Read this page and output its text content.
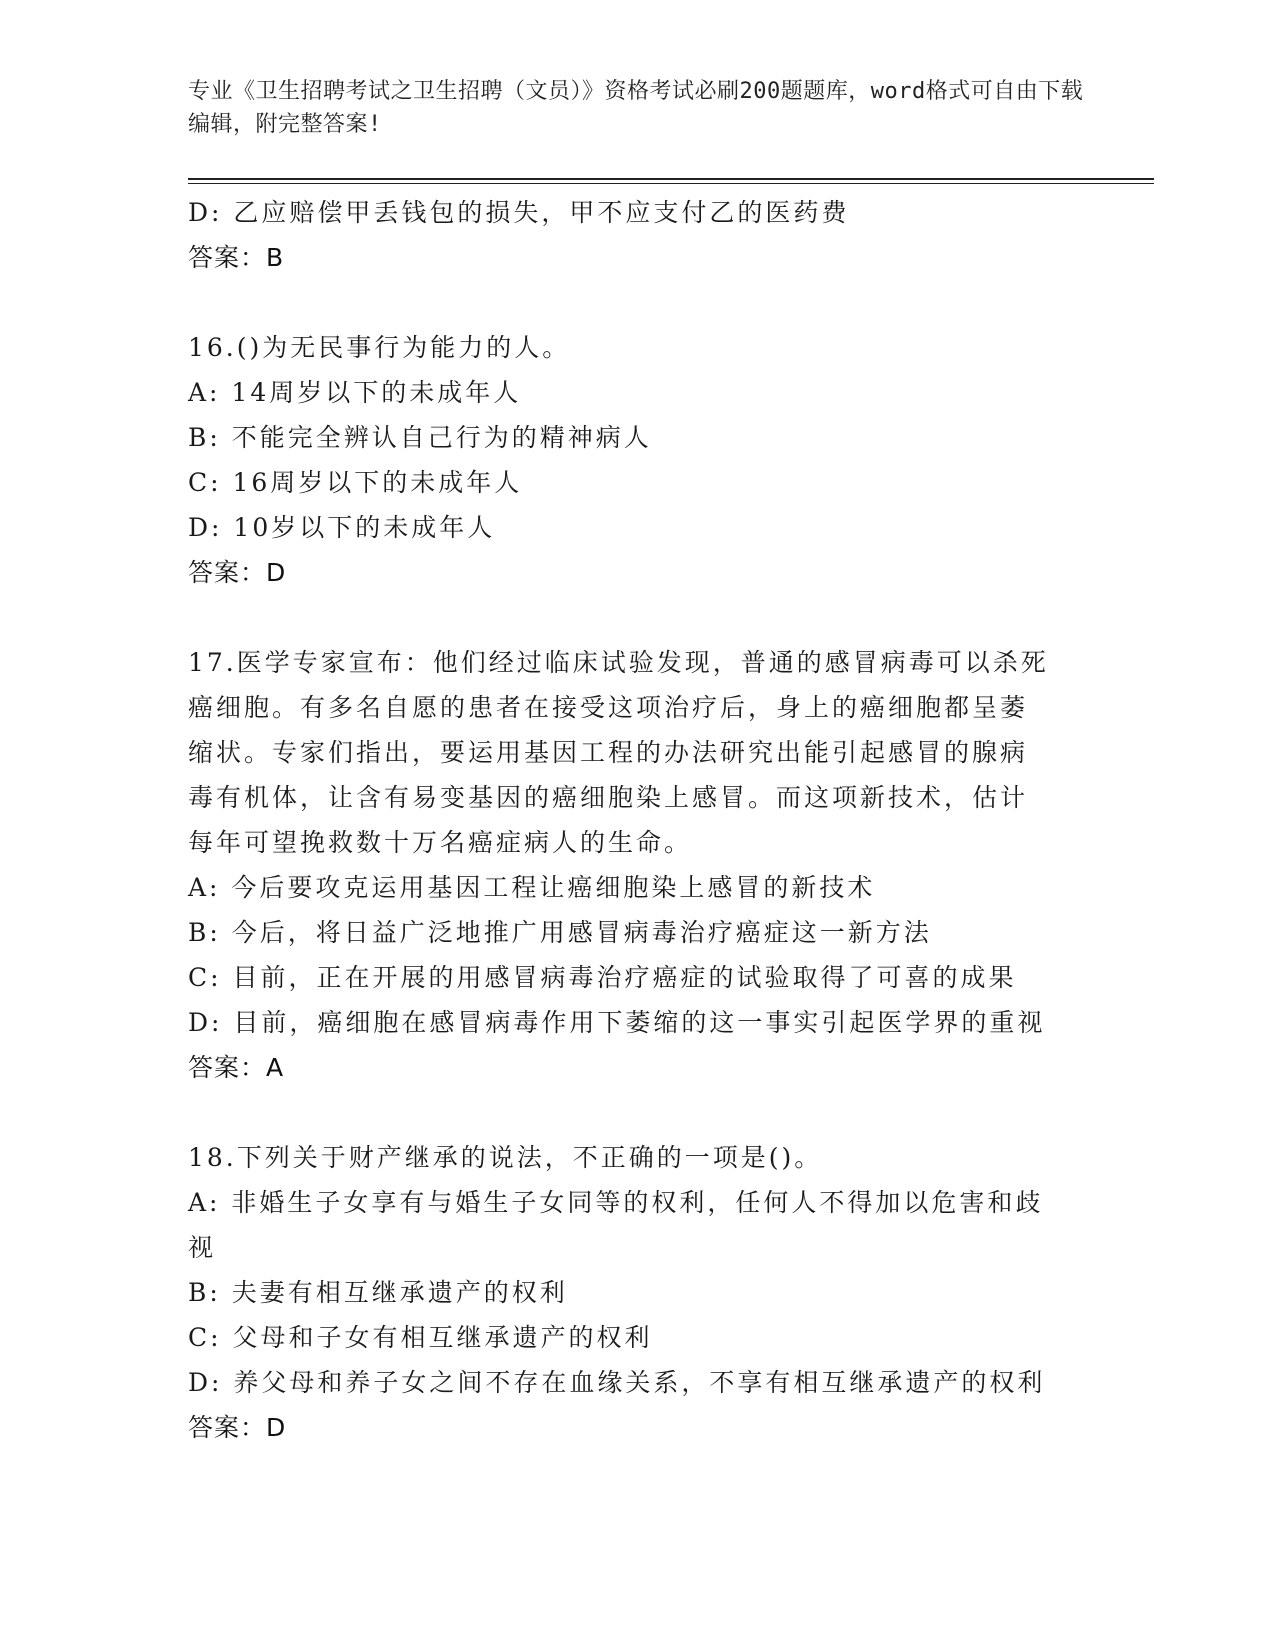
专业《卫生招聘考试之卫生招聘（文员）》资格考试必刷200题题库，word格式可自由下载编辑，附完整答案!
D: 乙应赔偿甲丢钱包的损失，甲不应支付乙的医药费
答案：B
16.()为无民事行为能力的人。
A: 14周岁以下的未成年人
B: 不能完全辨认自己行为的精神病人
C: 16周岁以下的未成年人
D: 10岁以下的未成年人
答案：D
17.医学专家宣布：他们经过临床试验发现，普通的感冒病毒可以杀死
癌细胞。有多名自愿的患者在接受这项治疗后，身上的癌细胞都呈萎
缩状。专家们指出，要运用基因工程的办法研究出能引起感冒的腺病
毒有机体，让含有易变基因的癌细胞染上感冒。而这项新技术，估计
每年可望挽救数十万名癌症病人的生命。
A: 今后要攻克运用基因工程让癌细胞染上感冒的新技术
B: 今后，将日益广泛地推广用感冒病毒治疗癌症这一新方法
C: 目前，正在开展的用感冒病毒治疗癌症的试验取得了可喜的成果
D: 目前，癌细胞在感冒病毒作用下萎缩的这一事实引起医学界的重视
答案：A
18.下列关于财产继承的说法，不正确的一项是()。
A: 非婚生子女享有与婚生子女同等的权利，任何人不得加以危害和歧
视
B: 夫妻有相互继承遗产的权利
C: 父母和子女有相互继承遗产的权利
D: 养父母和养子女之间不存在血缘关系，不享有相互继承遗产的权利
答案：D
